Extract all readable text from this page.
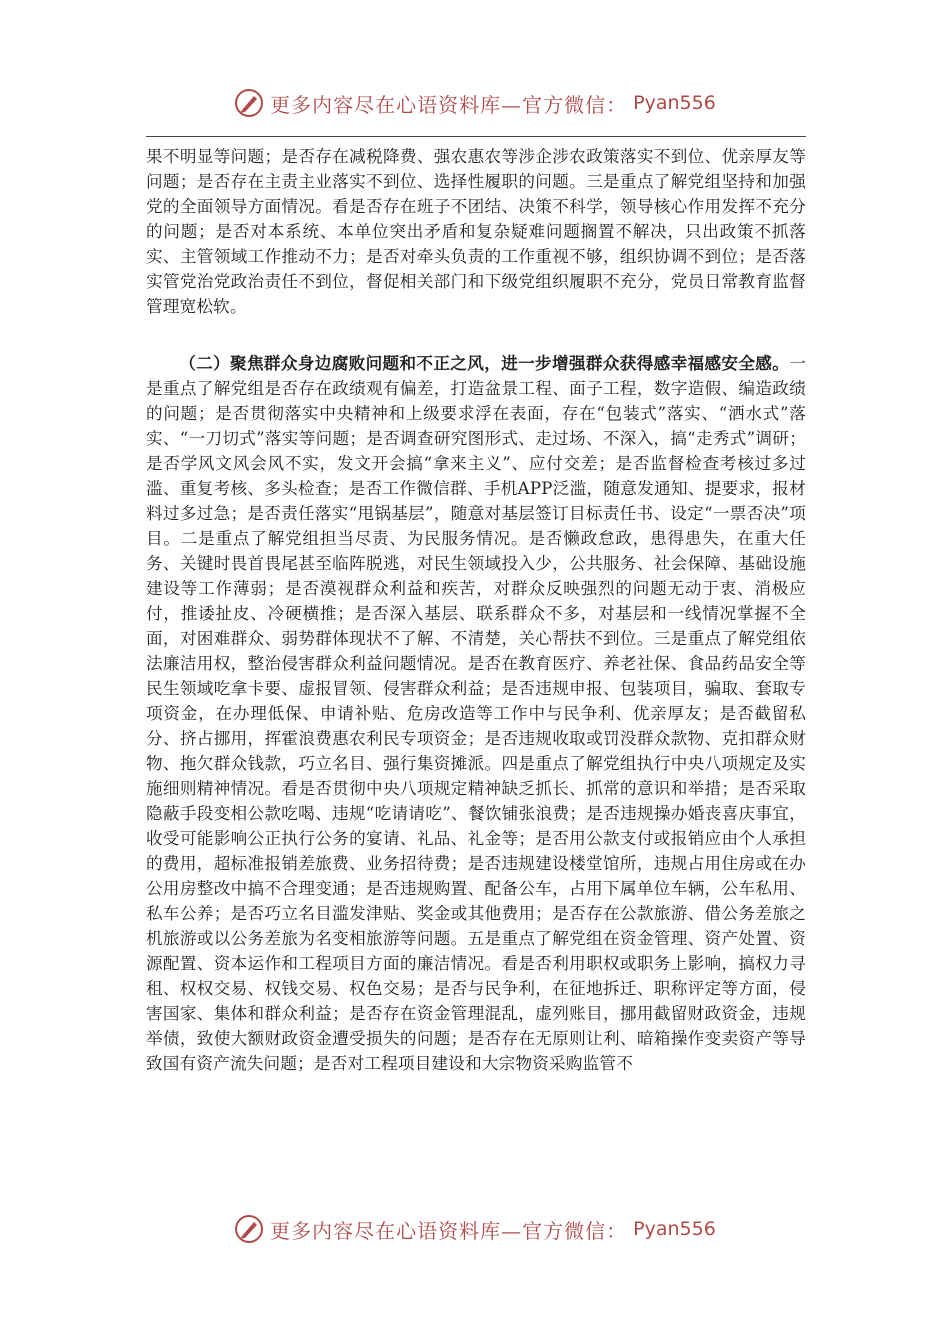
更多内容尽在心语资料库—官方微信： Pyan556

果不明显等问题；是否存在减税降费、强农惠农等涉企涉农政策落实不到位、优亲厚友等问题；是否存在主责主业落实不到位、选择性履职的问题。三是重点了解党组坚持和加强党的全面领导方面情况。看是否存在班子不团结、决策不科学，领导核心作用发挥不充分的问题；是否对本系统、本单位突出矛盾和复杂疑难问题搁置不解决，只出政策不抓落实、主管领域工作推动不力；是否对牵头负责的工作重视不够，组织协调不到位；是否落实管党治党政治责任不到位，督促相关部门和下级党组织履职不充分，党员日常教育监督管理宽松软。

（二）聚焦群众身边腐败问题和不正之风，进一步增强群众获得感幸福感安全感。一是重点了解党组是否存在政绩观有偏差，打造盆景工程、面子工程，数字造假、编造政绩的问题；是否贯彻落实中央精神和上级要求浮在表面，存在“包装式”落实、“洒水式”落实、“一刀切式”落实等问题；是否调查研究图形式、走过场、不深入，搞“走秀式”调研；是否学风文风会风不实，发文开会搞“拿来主义”、应付交差；是否监督检查考核过多过滥、重复考核、多头检查；是否工作微信群、手机APP泛滥，随意发通知、提要求，报材料过多过急；是否责任落实“甩锅基层”，随意对基层签订目标责任书、设定“一票否决”项目。二是重点了解党组担当尽责、为民服务情况。是否懒政怠政，患得患失，在重大任务、关键时畏首畏尾甚至临阵脱逃，对民生领域投入少，公共服务、社会保障、基础设施建设等工作薄弱；是否漠视群众利益和疾苦，对群众反映强烈的问题无动于衷、消极应付，推诿扯皮、冷硬横推；是否深入基层、联系群众不多，对基层和一线情况掌握不全面，对困难群众、弱势群体现状不了解、不清楚，关心帮扶不到位。三是重点了解党组依法廉洁用权，整治侵害群众利益问题情况。是否在教育医疗、养老社保、食品药品安全等民生领域吃拿卡要、虚报冒领、侵害群众利益；是否违规申报、包装项目，骗取、套取专项资金，在办理低保、申请补贴、危房改造等工作中与民争利、优亲厚友；是否截留私分、挤占挪用，挥霍浪费惠农利民专项资金；是否违规收取或罚没群众款物、克扣群众财物、拖欠群众钱款，巧立名目、强行集资摊派。四是重点了解党组执行中央八项规定及实施细则精神情况。看是否贯彻中央八项规定精神缺乏抓长、抓常的意识和举措；是否采取隐蔽手段变相公款吃喝、违规“吃请请吃”、餐饮铺张浪费；是否违规操办婚丧喜庆事宜，收受可能影响公正执行公务的宴请、礼品、礼金等；是否用公款支付或报销应由个人承担的费用，超标准报销差旅费、业务招待费；是否违规建设楼堂馆所，违规占用住房或在办公用房整改中搞不合理变通；是否违规购置、配备公车，占用下属单位车辆，公车私用、私车公养；是否巧立名目滥发津贴、奖金或其他费用；是否存在公款旅游、借公务差旅之机旅游或以公务差旅为名变相旅游等问题。五是重点了解党组在资金管理、资产处置、资源配置、资本运作和工程项目方面的廉洁情况。看是否利用职权或职务上影响，搞权力寻租、权权交易、权钱交易、权色交易；是否与民争利，在征地拆迁、职称评定等方面，侵害国家、集体和群众利益；是否存在资金管理混乱，虚列账目，挪用截留财政资金，违规举债，致使大额财政资金遭受损失的问题；是否存在无原则让利、暗箱操作变卖资产等导致国有资产流失问题；是否对工程项目建设和大宗物资采购监管不

更多内容尽在心语资料库—官方微信： Pyan556
